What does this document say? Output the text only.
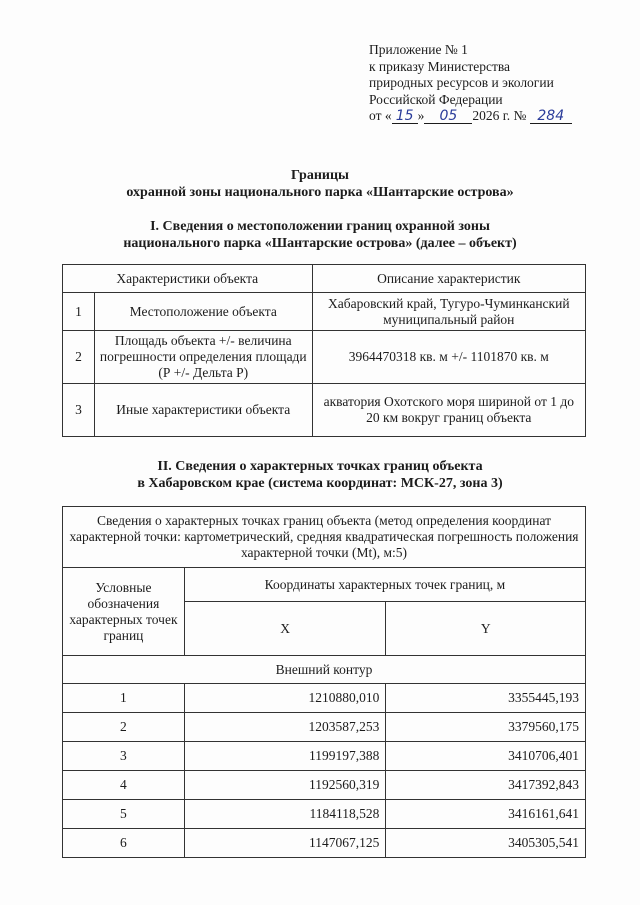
Приложение № 1
к приказу Министерства
природных ресурсов и экологии
Российской Федерации
от « 15 » 05 2026 г. № 284
Границы
охранной зоны национального парка «Шантарские острова»
I. Сведения о местоположении границ охранной зоны
национального парка «Шантарские острова» (далее – объект)
Характеристики объекта		Описание характеристик
1	Местоположение объекта	Хабаровский край, Тугуро-Чуминканский муниципальный район
2	Площадь объекта +/- величина погрешности определения площади (Р +/- Дельта Р)	3964470318 кв. м +/- 1101870 кв. м
3	Иные характеристики объекта	акватория Охотского моря шириной от 1 до 20 км вокруг границ объекта
II. Сведения о характерных точках границ объекта
в Хабаровском крае (система координат: МСК-27, зона 3)
Сведения о характерных точках границ объекта (метод определения координат характерной точки: картометрический, средняя квадратическая погрешность положения характерной точки (Mt), м:5)		
Условные обозначения характерных точек границ	Координаты характерных точек границ, м	
	X	Y
Внешний контур		
1	1210880,010	3355445,193
2	1203587,253	3379560,175
3	1199197,388	3410706,401
4	1192560,319	3417392,843
5	1184118,528	3416161,641
6	1147067,125	3405305,541
